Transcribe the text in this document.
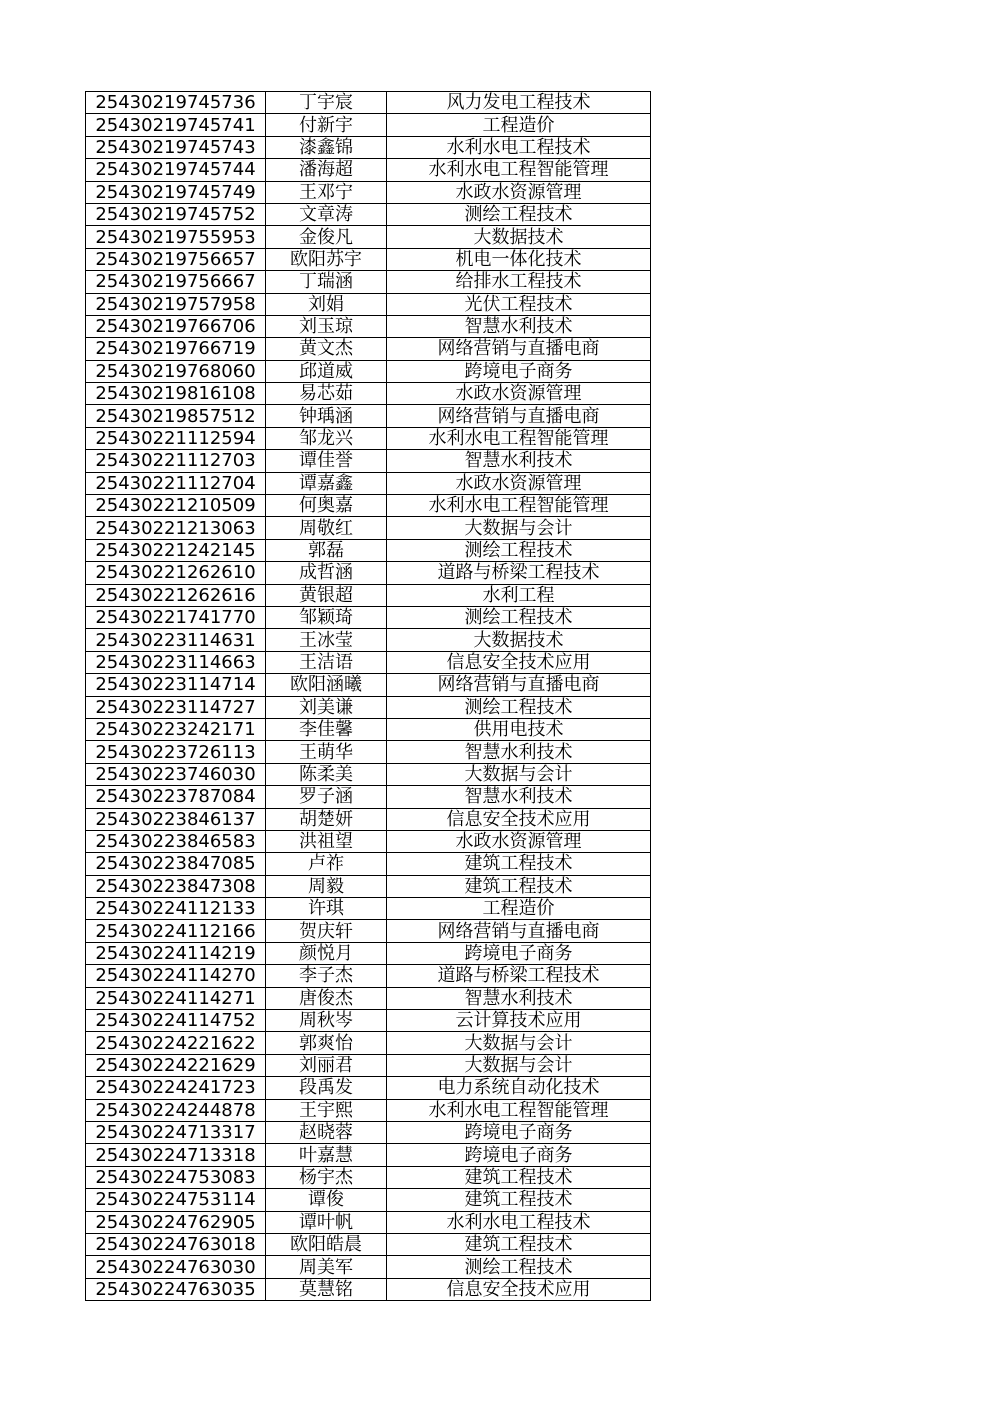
25430219745736	丁宇宸	风力发电工程技术
25430219745741	付新宇	工程造价
25430219745743	漆鑫锦	水利水电工程技术
25430219745744	潘海超	水利水电工程智能管理
25430219745749	王邓宁	水政水资源管理
25430219745752	文章涛	测绘工程技术
25430219755953	金俊凡	大数据技术
25430219756657	欧阳苏宇	机电一体化技术
25430219756667	丁瑞涵	给排水工程技术
25430219757958	刘娟	光伏工程技术
25430219766706	刘玉琼	智慧水利技术
25430219766719	黄文杰	网络营销与直播电商
25430219768060	邱道威	跨境电子商务
25430219816108	易芯茹	水政水资源管理
25430219857512	钟瑀涵	网络营销与直播电商
25430221112594	邹龙兴	水利水电工程智能管理
25430221112703	谭佳誉	智慧水利技术
25430221112704	谭嘉鑫	水政水资源管理
25430221210509	何奥嘉	水利水电工程智能管理
25430221213063	周敬红	大数据与会计
25430221242145	郭磊	测绘工程技术
25430221262610	成哲涵	道路与桥梁工程技术
25430221262616	黄银超	水利工程
25430221741770	邹颖琦	测绘工程技术
25430223114631	王冰莹	大数据技术
25430223114663	王洁语	信息安全技术应用
25430223114714	欧阳涵曦	网络营销与直播电商
25430223114727	刘美谦	测绘工程技术
25430223242171	李佳馨	供用电技术
25430223726113	王萌华	智慧水利技术
25430223746030	陈柔美	大数据与会计
25430223787084	罗子涵	智慧水利技术
25430223846137	胡楚妍	信息安全技术应用
25430223846583	洪祖望	水政水资源管理
25430223847085	卢祚	建筑工程技术
25430223847308	周毅	建筑工程技术
25430224112133	许琪	工程造价
25430224112166	贺庆轩	网络营销与直播电商
25430224114219	颜悦月	跨境电子商务
25430224114270	李子杰	道路与桥梁工程技术
25430224114271	唐俊杰	智慧水利技术
25430224114752	周秋岑	云计算技术应用
25430224221622	郭爽怡	大数据与会计
25430224221629	刘丽君	大数据与会计
25430224241723	段禹发	电力系统自动化技术
25430224244878	王宇熙	水利水电工程智能管理
25430224713317	赵晓蓉	跨境电子商务
25430224713318	叶嘉慧	跨境电子商务
25430224753083	杨宇杰	建筑工程技术
25430224753114	谭俊	建筑工程技术
25430224762905	谭叶帆	水利水电工程技术
25430224763018	欧阳皓晨	建筑工程技术
25430224763030	周美军	测绘工程技术
25430224763035	莫慧铭	信息安全技术应用
